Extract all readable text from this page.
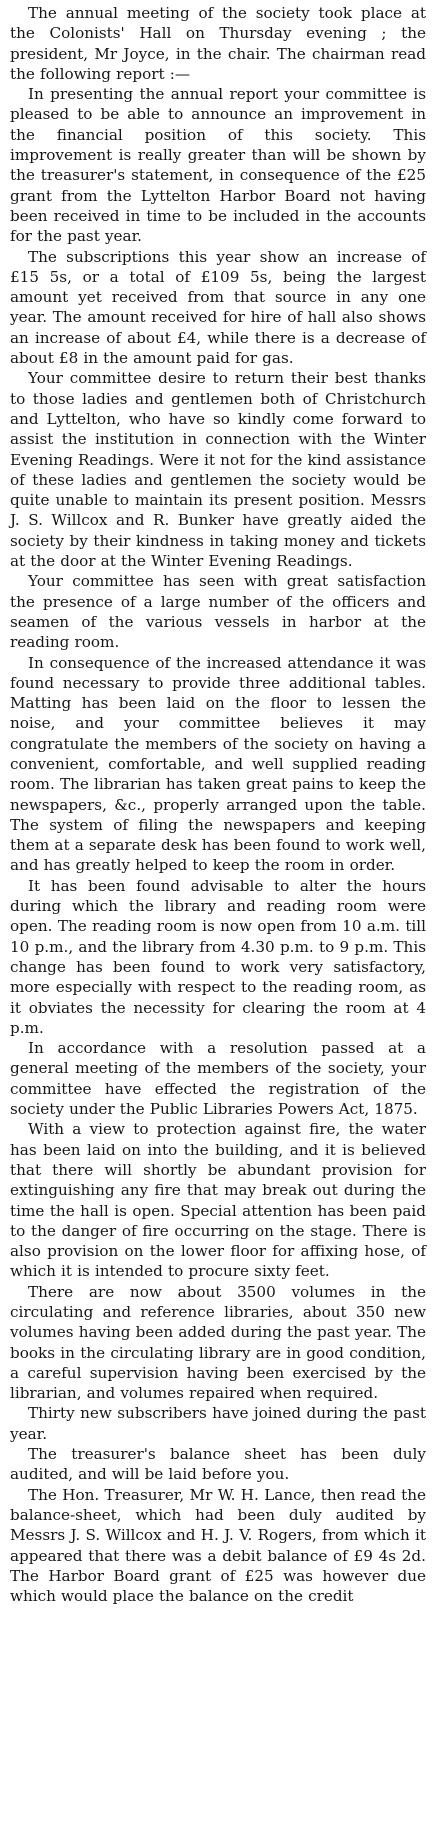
The annual meeting of the society took place at the Colonists' Hall on Thursday evening ; the president, Mr Joyce, in the chair. The chairman read the following report :—

In presenting the annual report your committee is pleased to be able to announce an improvement in the financial position of this society. This improvement is really greater than will be shown by the treasurer's statement, in consequence of the £25 grant from the Lyttelton Harbor Board not having been received in time to be included in the accounts for the past year.

The subscriptions this year show an increase of £15 5s, or a total of £109 5s, being the largest amount yet received from that source in any one year. The amount received for hire of hall also shows an increase of about £4, while there is a decrease of about £8 in the amount paid for gas.

Your committee desire to return their best thanks to those ladies and gentlemen both of Christchurch and Lyttelton, who have so kindly come forward to assist the institution in connection with the Winter Evening Readings. Were it not for the kind assistance of these ladies and gentlemen the society would be quite unable to maintain its present position. Messrs J. S. Willcox and R. Bunker have greatly aided the society by their kindness in taking money and tickets at the door at the Winter Evening Readings.

Your committee has seen with great satisfaction the presence of a large number of the officers and seamen of the various vessels in harbor at the reading room.

In consequence of the increased attendance it was found necessary to provide three additional tables. Matting has been laid on the floor to lessen the noise, and your committee believes it may congratulate the members of the society on having a convenient, comfortable, and well supplied reading room. The librarian has taken great pains to keep the newspapers, &c., properly arranged upon the table. The system of filing the newspapers and keeping them at a separate desk has been found to work well, and has greatly helped to keep the room in order.

It has been found advisable to alter the hours during which the library and reading room were open. The reading room is now open from 10 a.m. till 10 p.m., and the library from 4.30 p.m. to 9 p.m. This change has been found to work very satisfactory, more especially with respect to the reading room, as it obviates the necessity for clearing the room at 4 p.m.

In accordance with a resolution passed at a general meeting of the members of the society, your committee have effected the registration of the society under the Public Libraries Powers Act, 1875.

With a view to protection against fire, the water has been laid on into the building, and it is believed that there will shortly be abundant provision for extinguishing any fire that may break out during the time the hall is open. Special attention has been paid to the danger of fire occurring on the stage. There is also provision on the lower floor for affixing hose, of which it is intended to procure sixty feet.

There are now about 3500 volumes in the circulating and reference libraries, about 350 new volumes having been added during the past year. The books in the circulating library are in good condition, a careful supervision having been exercised by the librarian, and volumes repaired when required.

Thirty new subscribers have joined during the past year.

The treasurer's balance sheet has been duly audited, and will be laid before you.

The Hon. Treasurer, Mr W. H. Lance, then read the balance-sheet, which had been duly audited by Messrs J. S. Willcox and H. J. V. Rogers, from which it appeared that there was a debit balance of £9 4s 2d. The Harbor Board grant of £25 was however due which would place the balance on the credit
